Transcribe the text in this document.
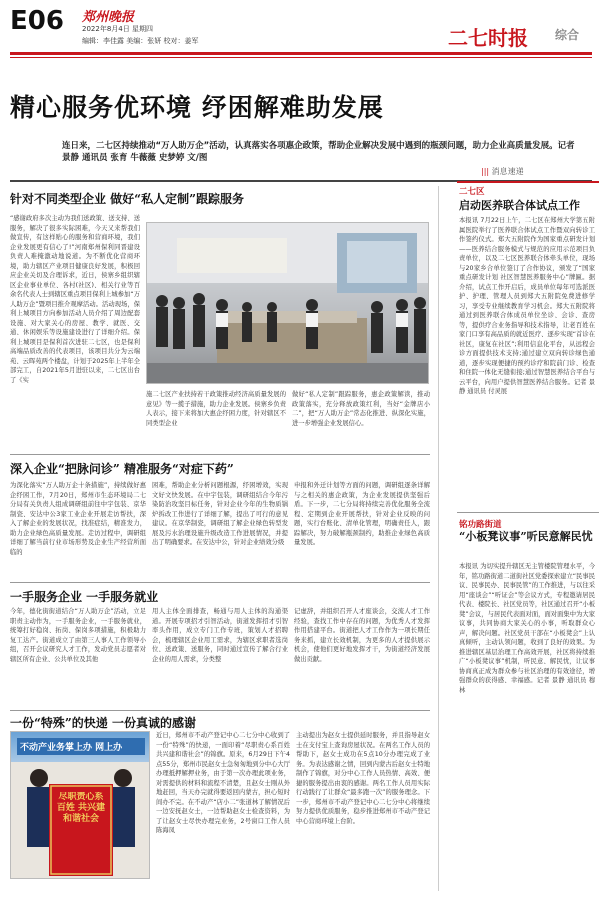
E06 郑州晚报
2022年8月4日 星期四
编辑：李佳露 美编：张妍 校对：姜军	二七时报 综合
精心服务优环境 纾困解难助发展
连日来，二七区持续推动“万人助万企”活动，认真落实各项惠企政策，帮助企业解决发展中遇到的瓶颈问题，助力企业高质量发展。记者 景静 通讯员 张育 牛薇薇 史梦婷 文/图
针对不同类型企业 做好“私人定制”跟踪服务
“感谢政府多次主动为我们送政策、送支持、送服务，解决了很多实际困难，今天又来帮我们做宣传，有这样贴心的服务和营商环境，我们企业发展更有信心了!”河南郑州保利同晋建设负责人难掩激动地说道。为不断优化营商环境，助力辖区产业项目健康良好发展，积极回应企业关切及合理诉求，近日，侯寨乡组织辖区企业事业单位、各村(社区)、相关行业等百余名代表人士到辖区重点项目保利上城参加“万人助万企”暨项目推介观摩活动。活动现场，保利上城项目方向参加活动人员介绍了周边配套设施、对大家关心的房屋、教学、就医、交通、休闲娱乐等设施建设进行了详细介绍。保利上城项目是保利首次进驻二七区，也是保利高端品质改善的代表项目，该项目共分为云端苑、云晖苑两个楼盘，计划于2025年上半年全部完工，自2021年5月进驻以来，二七区出台了《实
施二七区产业扶持若干政策推动经济高质量发展的意见》等一揽子措施，助力企业发展。侯寨乡负责人表示，接下来将加大惠企纾困力度，针对辖区不同类型企业
做好“私人定制”跟踪服务，惠企政策解读，推动政策落实，充分释放政策红利，当好“金牌店小二”，把“万人助万企”常态化推进、纵深化实施，进一步增强企业发展信心。
深入企业“把脉问诊” 精准服务“对症下药”
为深化落实“万人助万企十条措施”，持续做好惠企纾困工作，7月20日，郑州市生态环境局二七分局有关负责人组成调研组前往中宇包装、京华制瓷、安达中公3家工业企业开展走访帮扶，深入了解企业的发展状况，找准症结，精准发力，助力企业绿色高质量发展。走访过程中，调研组详细了解当前行业市场形势及企业生产经营所面临的
困难，帮助企业分析问题根源，纾困增效，实现文好文快发展。在中宇包装，调研组结合今年污染防治攻坚目标任务，针对企业今年的生物质锅炉拆改工作进行了详细了解，提出了可行的意见建议。在京华制瓷，调研组了解企业绿色转型发展及污水治理设施升级改造工作进展情况，并提出了明确要求。在安达中公，针对企业绩效分级
申报和外迁计划等方面的问题，调研组逐条详解与之相关的惠企政策，为企业发展提供坚强后盾。下一步，二七分局将持续完善优化服务全流程、定期到企业开展帮扶，针对企业反映的问题，实行台账化、清单化管理，明确责任人，跟踪解决，努力破解瓶颈制约，助推企业绿色高质量发展。
一手服务企业 一手服务就业
今年，德化街街道结合“万人助万企”活动，立足职责主动作为，一手服务企业，一手服务就业，统筹打好稳岗、拓岗、保岗多项措施，积极助力复工达产。街道成立了由第三人事人工作领导小组，召开会议研究人才工作，发动党员志愿者对辖区所有企业、公共单位及其他
用人主体全面排查，畅通与用人主体的沟通渠道。开展专项招才引智活动，街道发挥招才引智率头作用，成立专门工作专班，策划人才招聘会，梳理辖区企业用工需求，为辖区求职者选岗位、送政策、送服务，同时通过宣传了解合行业企业的用人需求，分类整
记虚辞，并组织召开人才座谈会，交流人才工作经验，查找工作中存在的问题，为优秀人才发挥作用搭建平台。街道把人才工作作为一项长期任务来抓，建立长效机制，为更多的人才提供展示机会，使他们更好地发挥才干，为街道经济发展做出贡献。
一份“特殊”的快递 一份真诚的感谢
不动产业务掌上办 网上办
尽职责心系百姓 共兴建和谐社会
近日，郑州市不动产登记中心二七分中心收到了一份“特殊”的快递，一面印着“尽职责心系百姓 共兴建和谐社会”的锦旗。原来，6月29日下午4点55分，郑州市民赵女士急匆匆地到分中心大厅办理抵押解押业务，由于第一次办理此项业务，对需提供的材料和流程不清楚，且赵女士刚从外地赶回，当天办完就得要返回内蒙古，担心短时间办不完。在不动产“店小二”张道林了解情况后一边安抚赵女士，一边帮助赵女士检查资料，为了让赵女士尽快办理完业务，2号窗口工作人员陈海凤
主动提出为赵女士提供延时服务，并且指导赵女士在支付宝上查询房屋状况。在两名工作人员的帮助下，赵女士成功在5点10分办理完成了业务。为表达感谢之情，回到内蒙古后赵女士特地制作了锦旗，对分中心工作人员热情、高效、便捷的服务提出由衷的感谢。两名工作人员用实际行动践行了让群众“最多跑一次”的服务理念。下一步，郑州市不动产登记中心二七分中心将继续努力提供优质服务，稳步推进郑州市不动产登记中心营商环境上台阶。
||| 消息速递
二七区
启动医养联合体试点工作
本报讯 7月22日上午，二七区在郑州大学第五附属医院举行了医养联合体试点工作暨双向转诊工作签约仪式。郑大五附院作为国家重点研发计划——医养结合服务模式与规范的应用示范项目负责单位，以及二七区医养联合体牵头单位，现场与20家乡合单位签订了合作协议，颁发了“国家重点研发计划 社区智慧医养服务中心”牌匾。据介绍，试点工作开启后，成员单位每年可选派医护、护理、管理人员到郑大五附院免费进修学习，享受专业继续教育学习机会。郑大五附院将通过到医养联合体成员单位坐诊、会诊、查房等，提供疗合业务指导和技术指导，让老百姓在家门口享有高品质的就近医疗、逐步实现“首诊在社区，康复在社区”;利用信息化平台，从远程会诊方面提供技术支持;通过建立双向转诊绿色通道，逐步实现便捷的预约诊疗和院前门诊、检查和住院一体化无缝衔接;通过智慧医养结合平台与云平台，向用户提供智慧医养结合服务。记者 景静 通讯员 付灵展
铭功路街道
“小板凳议事”听民意解民忧
本报讯 为切实提升辖区无主管楼院管理水平，今年，铭功路街道二道街社区党委探索建立“民事民议、民事民办、民事民管”的工作推进，与以往采用“座谈会”“听证会”等会议方式，专程邀请居民代表、楼院长、社区党员等，社区通过召开“小板凳”会议，与居民代表面对面，面对面集中为大家议事，共同协商大家关心的小事，听取群众心声，解决问题。社区党员干部在“小板凳会”上认真倾听，主动认领问题，收到了良好的效果。为推进辖区基层治理工作高效开展，社区将持续推广“小板凳议事”机制，听民意、解民忧，让议事协商真正成为群众参与社区治理的有效途径，增强群众的获得感、幸福感。记者 景静 通讯员 穆林
